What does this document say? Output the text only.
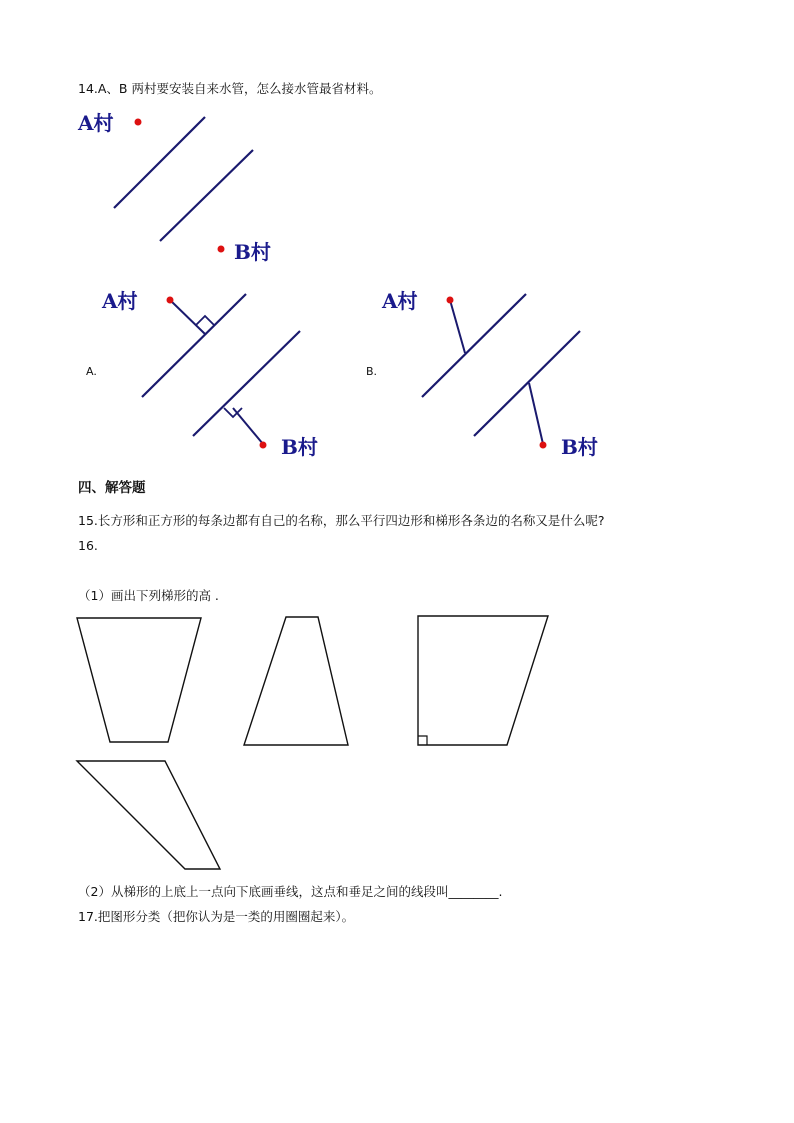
14.A、B 两村要安装自来水管，怎么接水管最省材料。
A村
B村
A.
A村
B村
B.
A村
B村
四、解答题
15.长方形和正方形的每条边都有自己的名称，那么平行四边形和梯形各条边的名称又是什么呢?
16.
（1）画出下列梯形的高 .
（2）从梯形的上底上一点向下底画垂线，这点和垂足之间的线段叫________.
17.把图形分类（把你认为是一类的用圈圈起来）。
